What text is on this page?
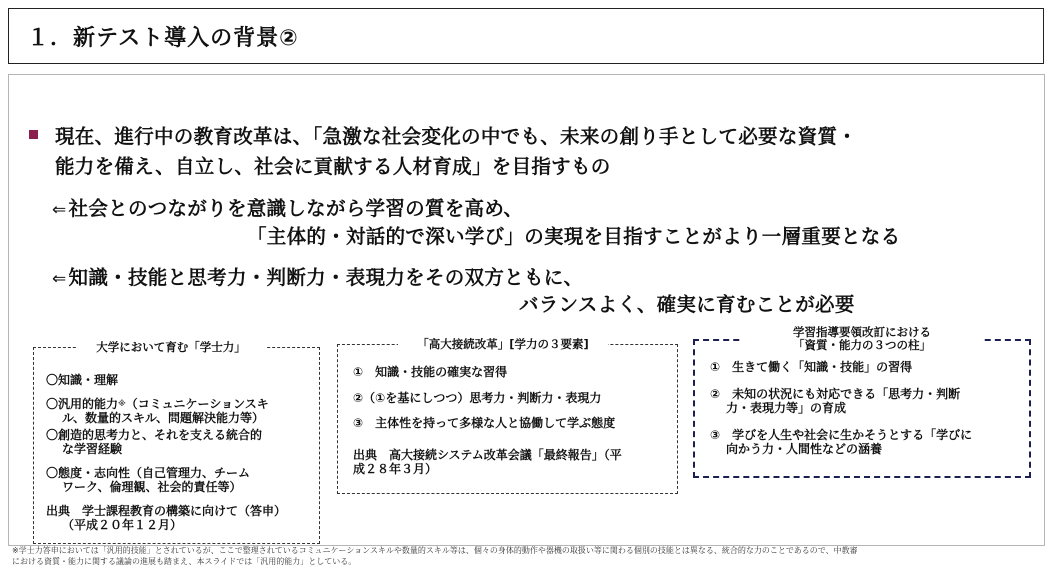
１．新テスト導入の背景②
現在、進行中の教育改革は、「急激な社会変化の中でも、未来の創り手として必要な資質・
能力を備え、自立し、社会に貢献する人材育成」を目指すもの
⇐ 社会とのつながりを意識しながら学習の質を高め、
「主体的・対話的で深い学び」の実現を目指すことがより一層重要となる
⇐ 知識・技能と思考力・判断力・表現力をその双方ともに、
バランスよく、確実に育むことが必要
大学において育む「学士力」
〇知識・理解
〇汎用的能力※（コミュニケーションスキ
ル、数量的スキル、問題解決能力等）
〇創造的思考力と、それを支える統合的
な学習経験
〇態度・志向性（自己管理力、チーム
ワーク、倫理観、社会的責任等）
出典　学士課程教育の構築に向けて（答申）
（平成２０年１２月）
「高大接続改革」[学力の３要素]
①　知識・技能の確実な習得
②（①を基にしつつ）思考力・判断力・表現力
③　主体性を持って多様な人と協働して学ぶ態度
出典　高大接続システム改革会議「最終報告」（平
成２８年３月）
学習指導要領改訂における
「資質・能力の３つの柱」
①　生きて働く「知識・技能」の習得
②　未知の状況にも対応できる「思考力・判断
力・表現力等」の育成
③　学びを人生や社会に生かそうとする「学びに
向かう力・人間性などの涵養
※学士力答申においては「汎用的技能」とされているが、ここで整理されているコミュニケーションスキルや数量的スキル等は、個々の身体的動作や器機の取扱い等に関わる個別の技能とは異なる、統合的な力のことであるので、中教審
における資質・能力に関する議論の進展も踏まえ、本スライドでは「汎用的能力」としている。
